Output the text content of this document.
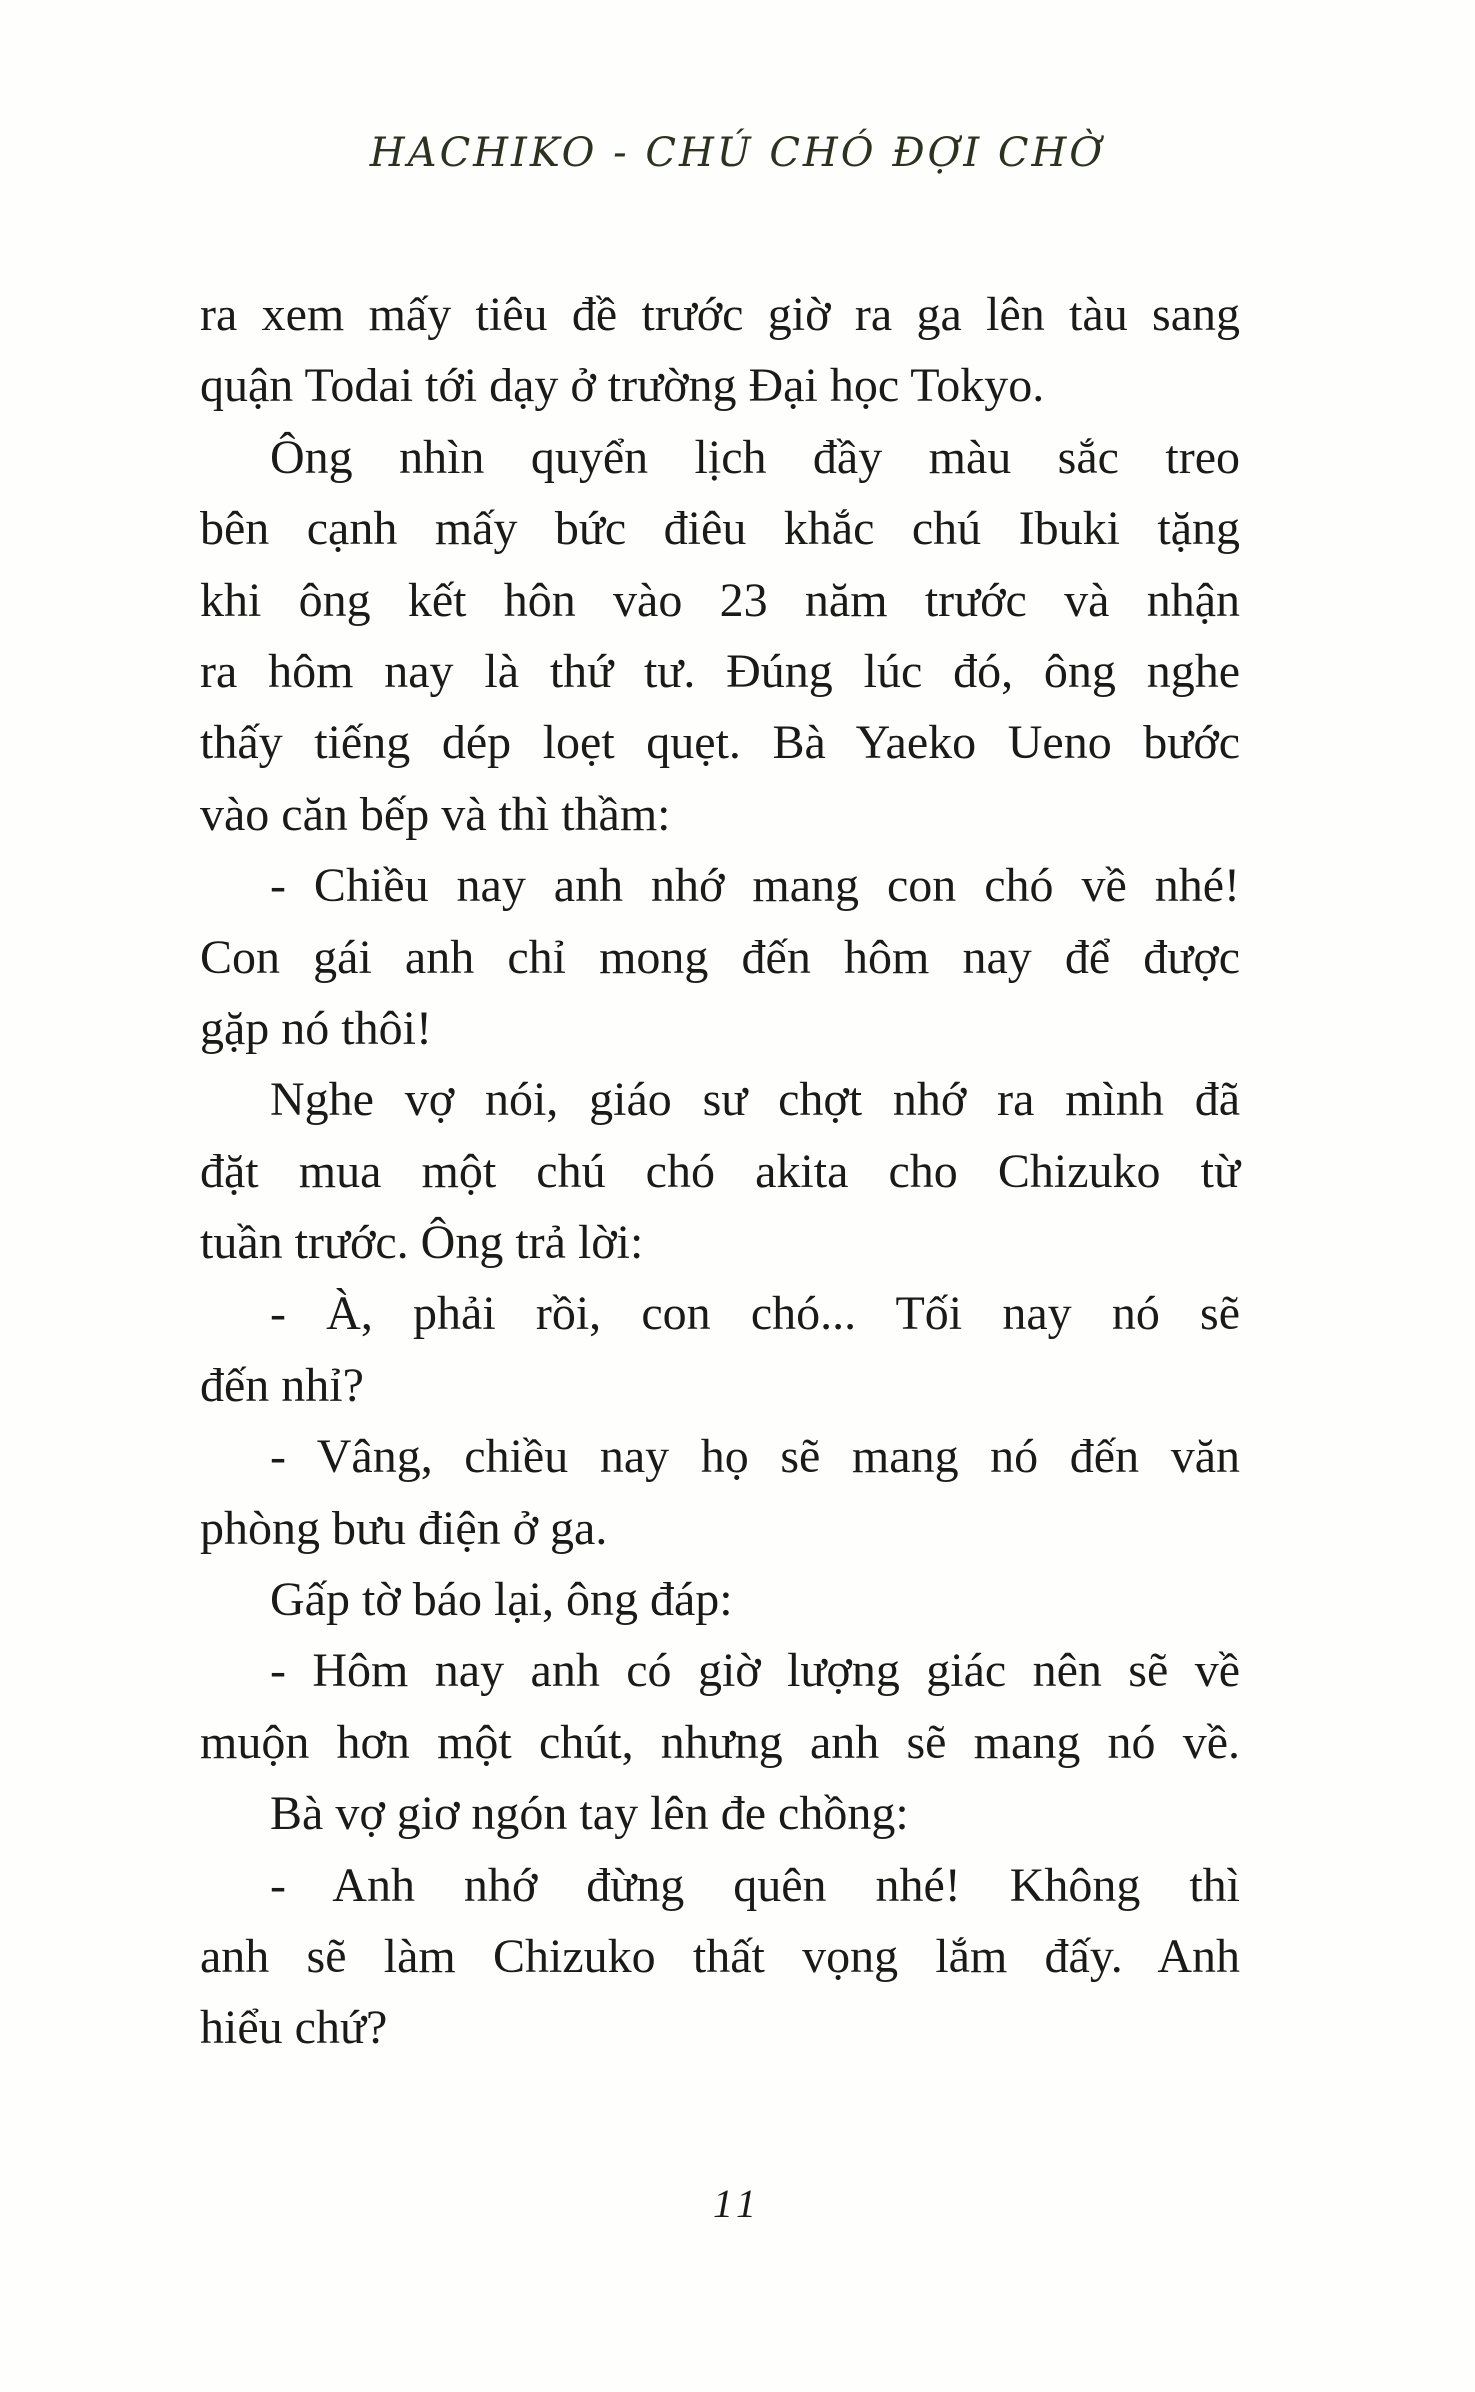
HACHIKO - CHÚ CHÓ ĐỢI CHỜ
ra xem mấy tiêu đề trước giờ ra ga lên tàu sang
quận Todai tới dạy ở trường Đại học Tokyo.
Ông nhìn quyển lịch đầy màu sắc treo
bên cạnh mấy bức điêu khắc chú Ibuki tặng
khi ông kết hôn vào 23 năm trước và nhận
ra hôm nay là thứ tư. Đúng lúc đó, ông nghe
thấy tiếng dép loẹt quẹt. Bà Yaeko Ueno bước
vào căn bếp và thì thầm:
- Chiều nay anh nhớ mang con chó về nhé!
Con gái anh chỉ mong đến hôm nay để được
gặp nó thôi!
Nghe vợ nói, giáo sư chợt nhớ ra mình đã
đặt mua một chú chó akita cho Chizuko từ
tuần trước. Ông trả lời:
- À, phải rồi, con chó... Tối nay nó sẽ
đến nhỉ?
- Vâng, chiều nay họ sẽ mang nó đến văn
phòng bưu điện ở ga.
Gấp tờ báo lại, ông đáp:
- Hôm nay anh có giờ lượng giác nên sẽ về
muộn hơn một chút, nhưng anh sẽ mang nó về.
Bà vợ giơ ngón tay lên đe chồng:
- Anh nhớ đừng quên nhé! Không thì
anh sẽ làm Chizuko thất vọng lắm đấy. Anh
hiểu chứ?
11
